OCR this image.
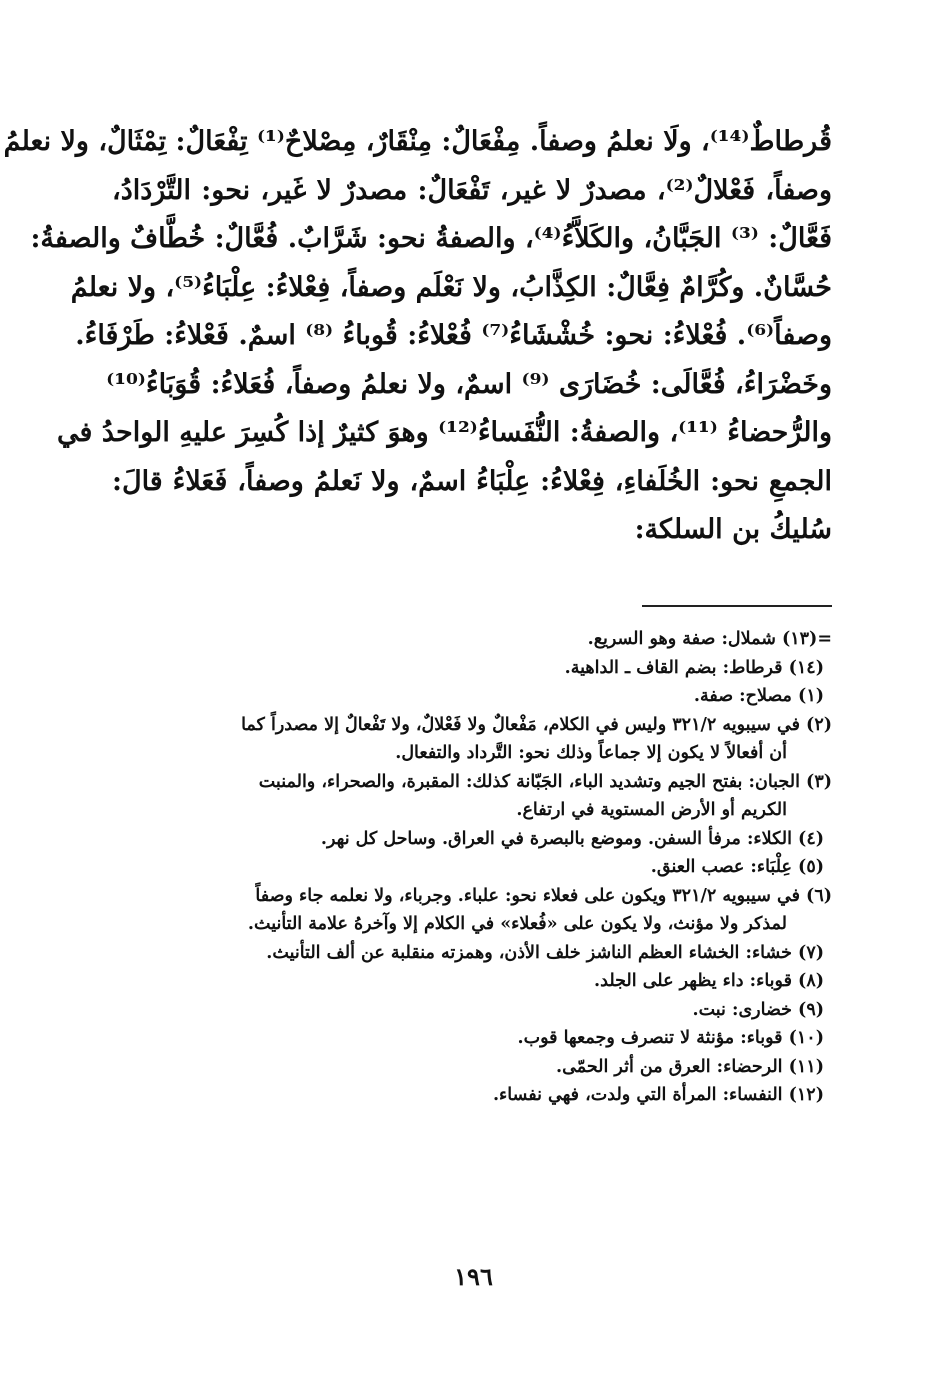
قُرطاطٌ⁽¹⁴⁾، ولَا نعلمُ وصفاً. مِفْعَالٌ: مِنْقَارٌ، مِصْلاحٌ⁽¹⁾ تِفْعَالٌ: تِمْثَالٌ، ولا نعلمُ
وصفاً، فَعْلالٌ⁽²⁾، مصدرٌ لا غير، تَفْعَالٌ: مصدرٌ لا غَير، نحو: التَّرْدَادُ،
فَعَّالٌ: ⁽³⁾ الجَبَّانُ، والكَلاَّءُ⁽⁴⁾، والصفةُ نحو: شَرَّابٌ. فُعَّالٌ: خُطَّافٌ والصفةُ:
حُسَّانٌ. وكُرَّامٌ فِعَّالٌ: الكِذَّابُ، ولا نَعْلَم وصفاً، فِعْلاءُ: عِلْبَاءُ⁽⁵⁾، ولا نعلمُ
وصفاً⁽⁶⁾. فُعْلاءُ: نحو: خُشْشَاءُ⁽⁷⁾ فُعْلاءُ: قُوباءُ ⁽⁸⁾ اسمٌ. فَعْلاءُ: طَرْفَاءُ.
وخَضْرَاءُ، فُعَّالَى: خُضَارَى ⁽⁹⁾ اسمٌ، ولا نعلمُ وصفاً، فُعَلاءُ: قُوَبَاءُ⁽¹⁰⁾
والرُّحضاءُ ⁽¹¹⁾، والصفةُ: النُّفَساءُ⁽¹²⁾ وهوَ كثيرٌ إذا كُسِرَ عليهِ الواحدُ في
الجمعِ نحو: الخُلَفاءِ، فِعْلاءُ: عِلْبَاءُ اسمٌ، ولا نَعلمُ وصفاً، فَعَلاءُ قالَ:
سُليكُ بن السلكة:
=(١٣) شملال: صفة وهو السريع.
(١٤) قرطاط: بضم القاف ـ الداهية.
(١) مصلاح: صفة.
(٢) في سيبويه ٣٢١/٢ وليس في الكلام، مَفْعالٌ ولا فَعْلالٌ، ولا تَفْعالٌ إلا مصدراً كما
أن أفعالاً لا يكون إلا جماعاً وذلك نحو: التَّرداد والتفعال.
(٣) الجبان: بفتح الجيم وتشديد الباء، الجَبّانة كذلك: المقبرة، والصحراء، والمنبت
الكريم أو الأرض المستوية في ارتفاع.
(٤) الكلاء: مرفأ السفن. وموضع بالبصرة في العراق. وساحل كل نهر.
(٥) عِلْبَاء: عصب العنق.
(٦) في سيبويه ٣٢١/٢ ويكون على فعلاء نحو: علباء. وجرباء، ولا نعلمه جاء وصفاً
لمذكر ولا مؤنث، ولا يكون على «فُعلاء» في الكلام إلا وآخرهُ علامة التأنيث.
(٧) خشاء: الخشاء العظم الناشز خلف الأذن، وهمزته منقلبة عن ألف التأنيث.
(٨) قوباء: داء يظهر على الجلد.
(٩) خضارى: نبت.
(١٠) قوباء: مؤنثة لا تنصرف وجمعها قوب.
(١١) الرحضاء: العرق من أثر الحمّى.
(١٢) النفساء: المرأة التي ولدت، فهي نفساء.
١٩٦
